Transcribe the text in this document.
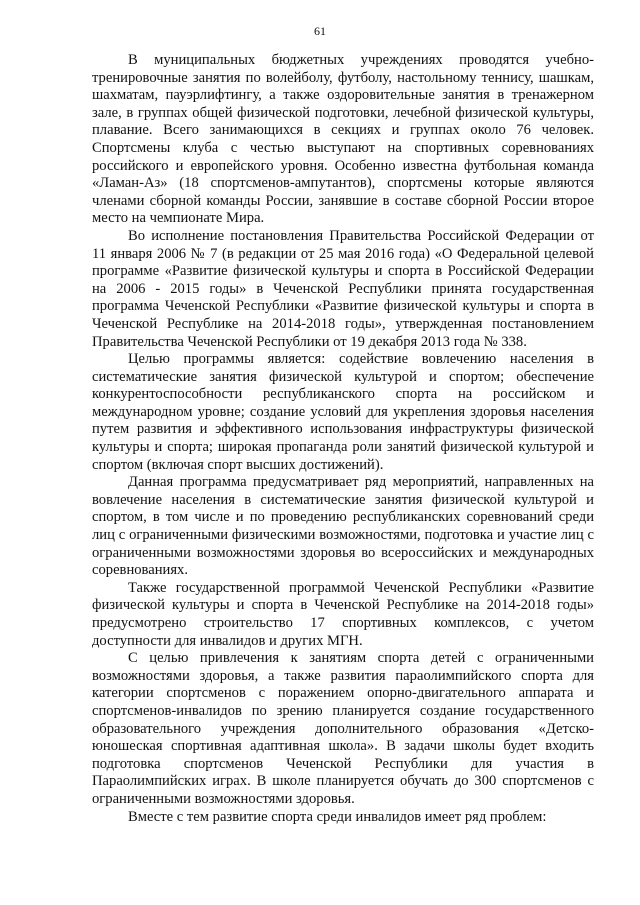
61

В муниципальных бюджетных учреждениях проводятся учебно-тренировочные занятия по волейболу, футболу, настольному теннису, шашкам, шахматам, пауэрлифтингу, а также оздоровительные занятия в тренажерном зале, в группах общей физической подготовки, лечебной физической культуры, плавание. Всего занимающихся в секциях и группах около 76 человек. Спортсмены клуба с честью выступают на спортивных соревнованиях российского и европейского уровня. Особенно известна футбольная команда «Ламан-Аз» (18 спортсменов-ампутантов), спортсмены которые являются членами сборной команды России, занявшие в составе сборной России второе место на чемпионате Мира.

Во исполнение постановления Правительства Российской Федерации от 11 января 2006 № 7 (в редакции от 25 мая 2016 года) «О Федеральной целевой программе «Развитие физической культуры и спорта в Российской Федерации на 2006 - 2015 годы» в Чеченской Республики принята государственная программа Чеченской Республики «Развитие физической культуры и спорта в Чеченской Республике на 2014-2018 годы», утвержденная постановлением Правительства Чеченской Республики от 19 декабря 2013 года № 338.

Целью программы является: содействие вовлечению населения в систематические занятия физической культурой и спортом; обеспечение конкурентоспособности республиканского спорта на российском и международном уровне; создание условий для укрепления здоровья населения путем развития и эффективного использования инфраструктуры физической культуры и спорта; широкая пропаганда роли занятий физической культурой и спортом (включая спорт высших достижений).

Данная программа предусматривает ряд мероприятий, направленных на вовлечение населения в систематические занятия физической культурой и спортом, в том числе и по проведению республиканских соревнований среди лиц с ограниченными физическими возможностями, подготовка и участие лиц с ограниченными возможностями здоровья во всероссийских и международных соревнованиях.

Также государственной программой Чеченской Республики «Развитие физической культуры и спорта в Чеченской Республике на 2014-2018 годы» предусмотрено строительство 17 спортивных комплексов, с учетом доступности для инвалидов и других МГН.

С целью привлечения к занятиям спорта детей с ограниченными возможностями здоровья, а также развития параолимпийского спорта для категории спортсменов с поражением опорно-двигательного аппарата и спортсменов-инвалидов по зрению планируется создание государственного образовательного учреждения дополнительного образования «Детско-юношеская спортивная адаптивная школа». В задачи школы будет входить подготовка спортсменов Чеченской Республики для участия в Параолимпийских играх. В школе планируется обучать до 300 спортсменов с ограниченными возможностями здоровья.

Вместе с тем развитие спорта среди инвалидов имеет ряд проблем:
